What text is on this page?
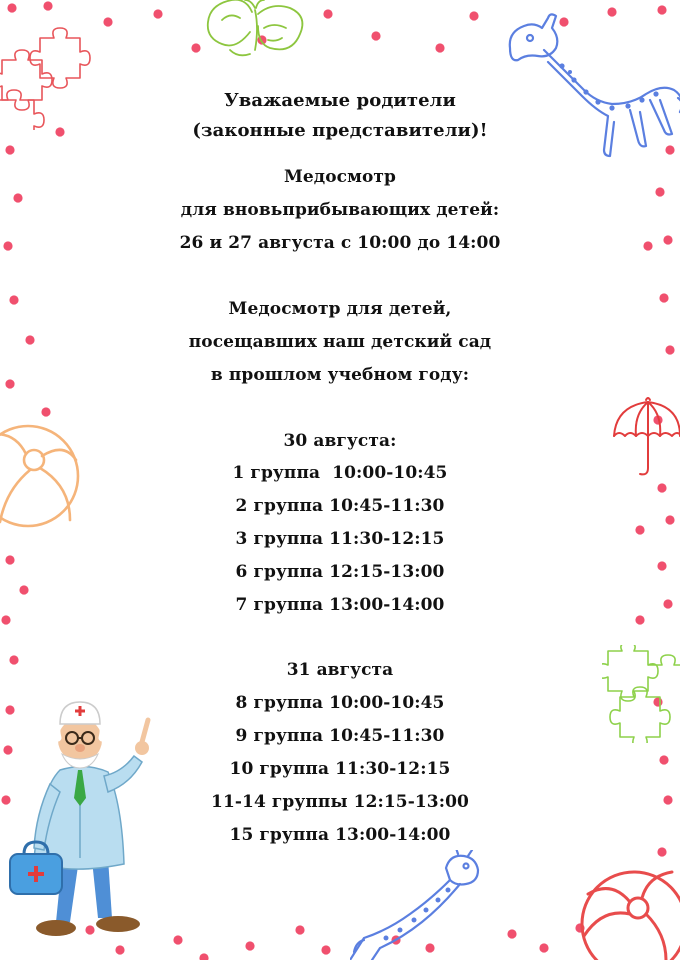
Уважаемые родители
(законные представители)!
Медосмотр
для вновьприбывающих детей:
26 и 27 августа с 10:00 до 14:00
Медосмотр для детей,
посещавших наш детский сад
в прошлом учебном году:
30 августа:
1 группа  10:00-10:45
2 группа 10:45-11:30
3 группа 11:30-12:15
6 группа 12:15-13:00
7 группа 13:00-14:00
31 августа
8 группа 10:00-10:45
9 группа 10:45-11:30
10 группа 11:30-12:15
11-14 группы 12:15-13:00
15 группа 13:00-14:00
